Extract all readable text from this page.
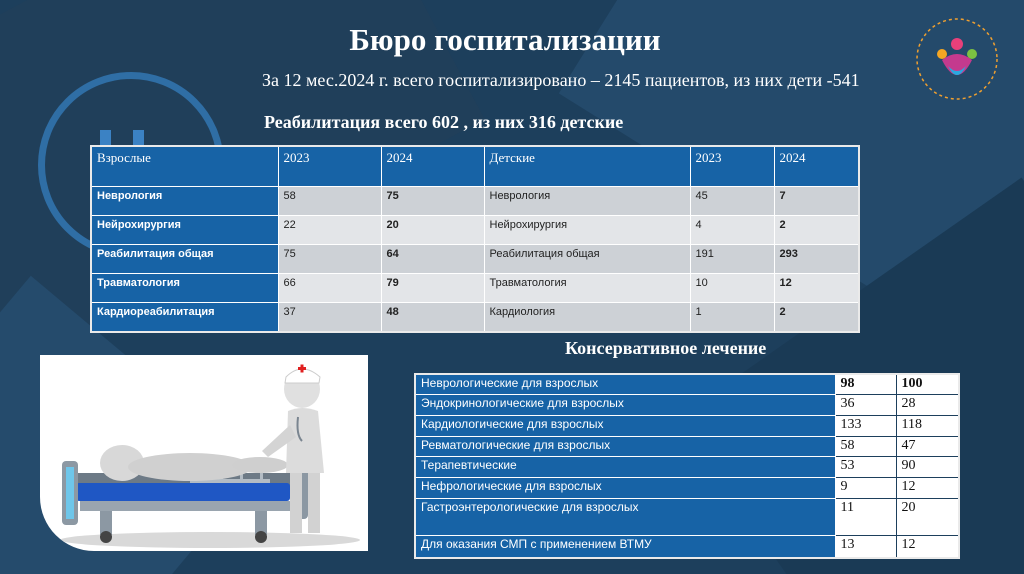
Бюро госпитализации
За 12 мес.2024 г. всего госпитализировано – 2145 пациентов, из них дети -541
Реабилитация всего 602 , из них 316 детские
Взрослые	2023	2024	Детские	2023	2024
Неврология	58	75	Неврология	45	7
Нейрохирургия	22	20	Нейрохирургия	4	2
Реабилитация общая	75	64	Реабилитация общая	191	293
Травматология	66	79	Травматология	10	12
Кардиореабилитация	37	48	Кардиология	1	2
Консервативное лечение
Неврологические для взрослых	98	100
Эндокринологические для взрослых	36	28
Кардиологические для взрослых	133	118
Ревматологические для взрослых	58	47
Терапевтические	53	90
Нефрологические для взрослых	9	12
Гастроэнтерологические для взрослых	11	20
Для оказания СМП с применением ВТМУ	13	12
